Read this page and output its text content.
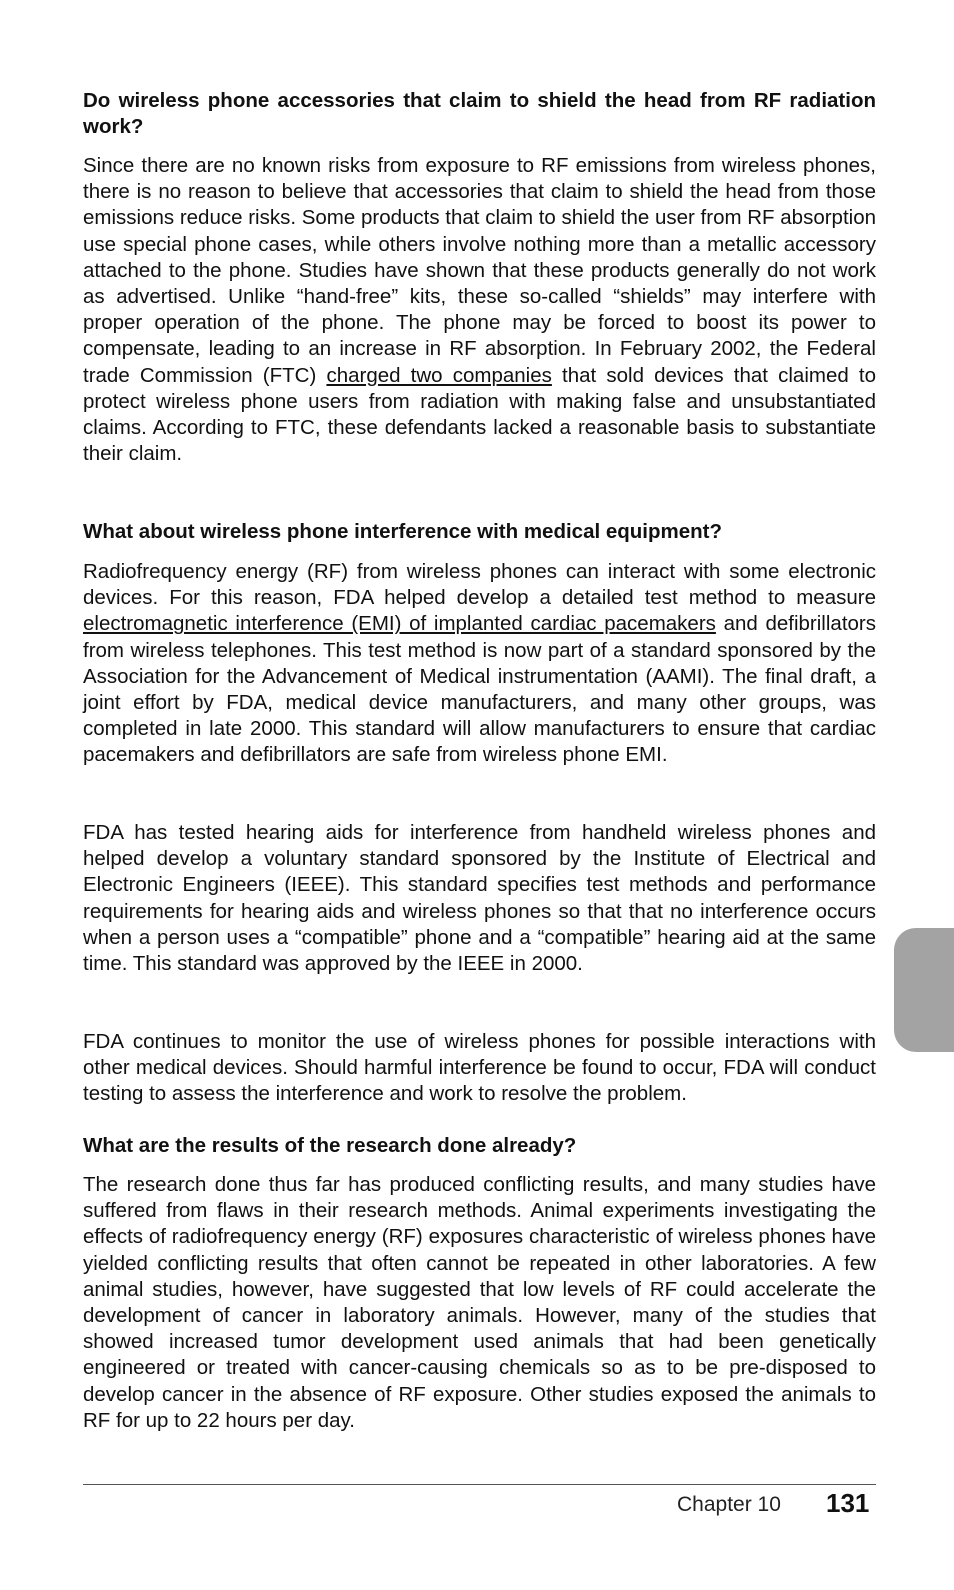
Do wireless phone accessories that claim to shield the head from RF radiation work?
Since there are no known risks from exposure to RF emissions from wireless phones, there is no reason to believe that accessories that claim to shield the head from those emissions reduce risks. Some products that claim to shield the user from RF absorption use special phone cases, while others involve nothing more than a metallic accessory attached to the phone. Studies have shown that these products generally do not work as advertised. Unlike “hand-free” kits, these so-called “shields” may interfere with proper operation of the phone. The phone may be forced to boost its power to compensate, leading to an increase in RF absorption. In February 2002, the Federal trade Commission (FTC) charged two companies that sold devices that claimed to protect wireless phone users from radiation with making false and unsubstantiated claims. According to FTC, these defendants lacked a reasonable basis to substantiate their claim.
What about wireless phone interference with medical equipment?
Radiofrequency energy (RF) from wireless phones can interact with some electronic devices. For this reason, FDA helped develop a detailed test method to measure electromagnetic interference (EMI) of implanted cardiac pacemakers and defibrillators from wireless telephones. This test method is now part of a standard sponsored by the Association for the Advancement of Medical instrumentation (AAMI). The final draft, a joint effort by FDA, medical device manufacturers, and many other groups, was completed in late 2000. This standard will allow manufacturers to ensure that cardiac pacemakers and defibrillators are safe from wireless phone EMI.
FDA has tested hearing aids for interference from handheld wireless phones and helped develop a voluntary standard sponsored by the Institute of Electrical and Electronic Engineers (IEEE). This standard specifies test methods and performance requirements for hearing aids and wireless phones so that that no interference occurs when a person uses a “compatible” phone and a “compatible” hearing aid at the same time. This standard was approved by the IEEE in 2000.
FDA continues to monitor the use of wireless phones for possible interactions with other medical devices. Should harmful interference be found to occur, FDA will conduct testing to assess the interference and work to resolve the problem.
What are the results of the research done already?
The research done thus far has produced conflicting results, and many studies have suffered from flaws in their research methods. Animal experiments investigating the effects of radiofrequency energy (RF) exposures characteristic of wireless phones have yielded conflicting results that often cannot be repeated in other laboratories. A few animal studies, however, have suggested that low levels of RF could accelerate the development of cancer in laboratory animals. However, many of the studies that showed increased tumor development used animals that had been genetically engineered or treated with cancer-causing chemicals so as to be pre-disposed to develop cancer in the absence of RF exposure. Other studies exposed the animals to RF for up to 22 hours per day.
Chapter 10 131
